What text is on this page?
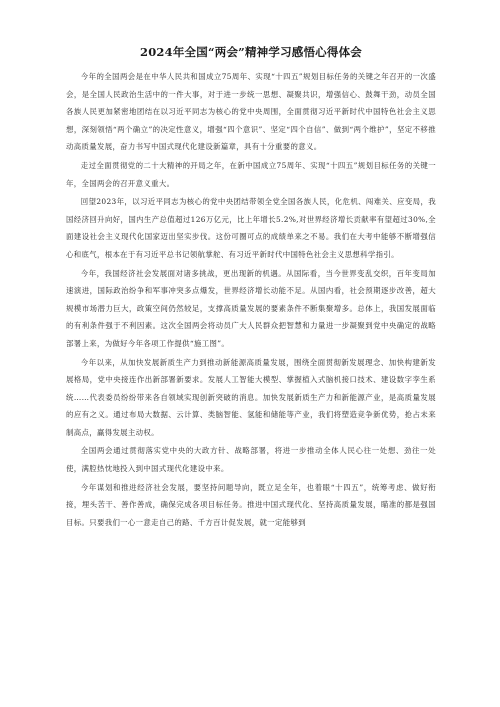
2024年全国“两会”精神学习感悟心得体会

今年的全国两会是在中华人民共和国成立75周年、实现“十四五”规划目标任务的关键之年召开的一次盛会，是全国人民政治生活中的一件大事，对于进一步统一思想、凝聚共识，增强信心、鼓舞干劲，动员全国各族人民更加紧密地团结在以习近平同志为核心的党中央周围，全面贯彻习近平新时代中国特色社会主义思想，深刻领悟“两个确立”的决定性意义，增强“四个意识”、坚定“四个自信”、做到“两个维护”，坚定不移推动高质量发展，奋力书写中国式现代化建设新篇章，具有十分重要的意义。

走过全面贯彻党的二十大精神的开局之年，在新中国成立75周年、实现“十四五”规划目标任务的关键一年，全国两会的召开意义重大。

回望2023年，以习近平同志为核心的党中央团结带领全党全国各族人民，化危机、闯难关、应变局，我国经济回升向好，国内生产总值超过126万亿元，比上年增长5.2%,对世界经济增长贡献率有望超过30%,全面建设社会主义现代化国家迈出坚实步伐。这份可圈可点的成绩单来之不易。我们在大考中能够不断增强信心和底气，根本在于有习近平总书记领航掌舵、有习近平新时代中国特色社会主义思想科学指引。

今年，我国经济社会发展面对诸多挑战，更出现新的机遇。从国际看，当今世界变乱交织，百年变局加速演进，国际政治纷争和军事冲突多点爆发，世界经济增长动能不足。从国内看，社会预期逐步改善，超大规模市场潜力巨大，政策空间仍然较足，支撑高质量发展的要素条件不断集聚增多。总体上，我国发展面临的有利条件强于不利因素。这次全国两会将动员广大人民群众把智慧和力量进一步凝聚到党中央确定的战略部署上来，为做好今年各项工作提供“施工图”。

今年以来，从加快发展新质生产力到推动新能源高质量发展，围绕全面贯彻新发展理念、加快构建新发展格局，党中央接连作出新部署新要求。发展人工智能大模型、掌握植入式脑机接口技术、建设数字孪生系统……代表委员纷纷带来各自领域实现创新突破的消息。加快发展新质生产力和新能源产业，是高质量发展的应有之义。通过布局大数据、云计算、类脑智能、氢能和储能等产业，我们将塑造竞争新优势，抢占未来制高点，赢得发展主动权。

全国两会通过贯彻落实党中央的大政方针、战略部署，将进一步推动全体人民心往一处想、劲往一处使，满腔热忱地投入到中国式现代化建设中来。

今年谋划和推进经济社会发展，要坚持问题导向，既立足全年，也着眼“十四五”，统筹考虑、做好衔接，埋头苦干、善作善成，确保完成各项目标任务。推进中国式现代化、坚持高质量发展，瞄准的都是强国目标。只要我们一心一意走自己的路、千方百计促发展，就一定能够到
